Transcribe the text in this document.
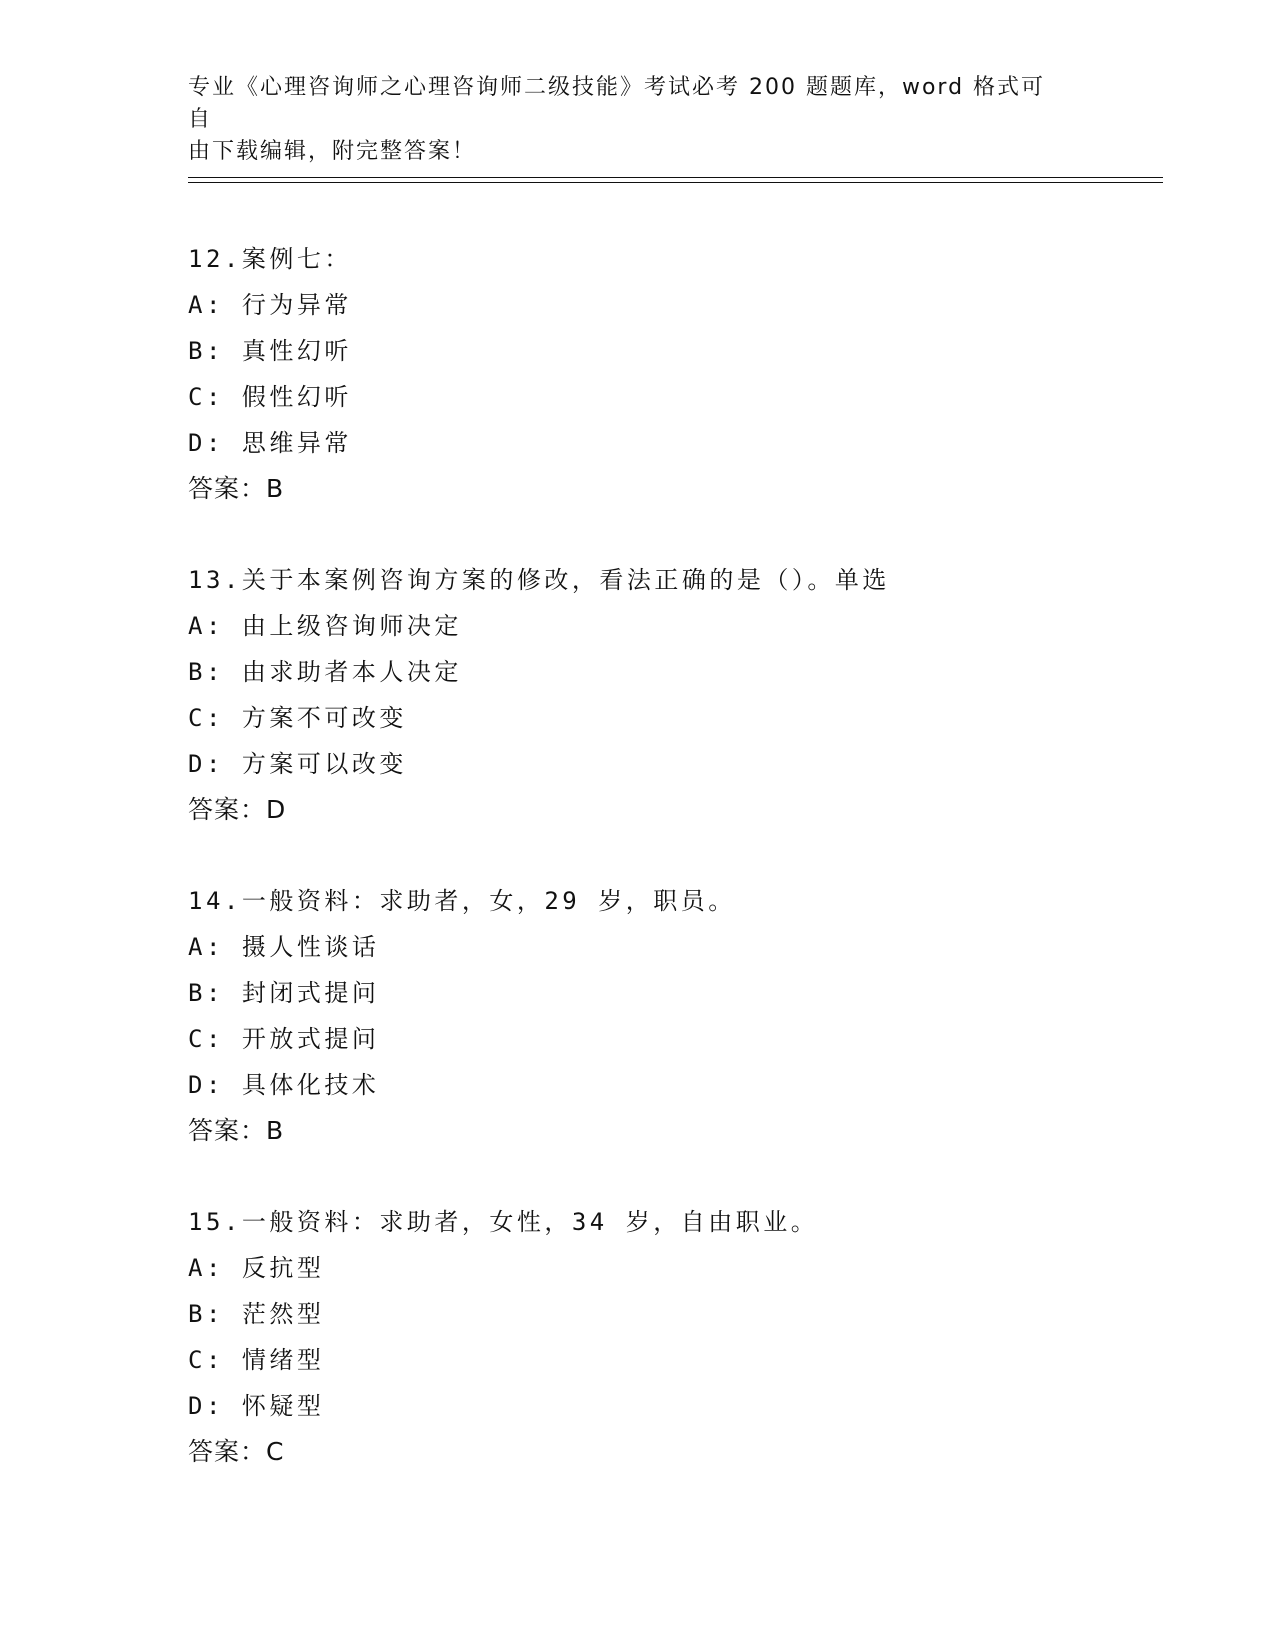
专业《心理咨询师之心理咨询师二级技能》考试必考 200 题题库，word 格式可自
由下载编辑，附完整答案！
12.案例七：
A: 行为异常
B: 真性幻听
C: 假性幻听
D: 思维异常
答案：B
13.关于本案例咨询方案的修改，看法正确的是（）。单选
A: 由上级咨询师决定
B: 由求助者本人决定
C: 方案不可改变
D: 方案可以改变
答案：D
14.一般资料：求助者，女，29 岁，职员。
A: 摄人性谈话
B: 封闭式提问
C: 开放式提问
D: 具体化技术
答案：B
15.一般资料：求助者，女性，34 岁，自由职业。
A: 反抗型
B: 茫然型
C: 情绪型
D: 怀疑型
答案：C
